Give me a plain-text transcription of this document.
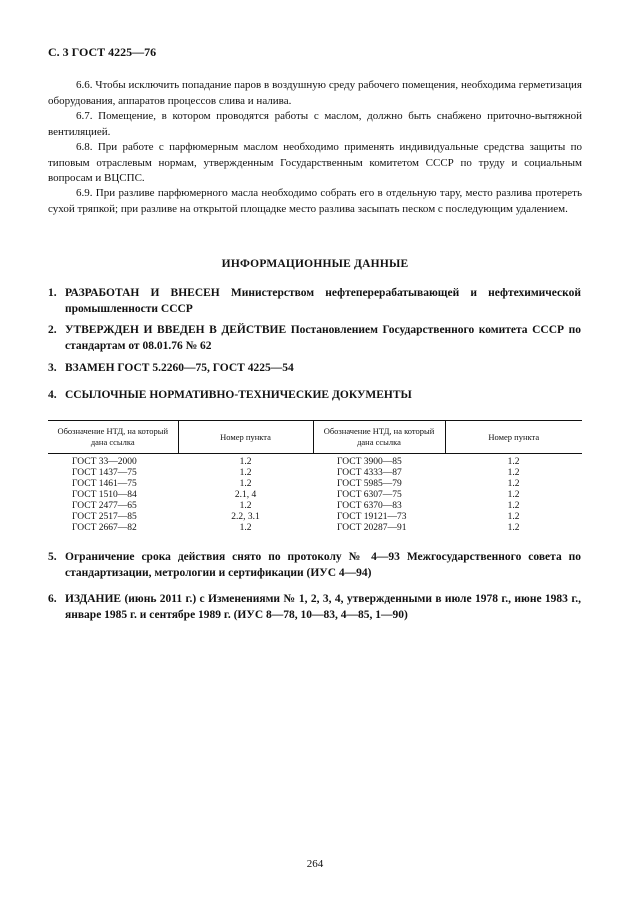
С. 3 ГОСТ 4225—76

6.6. Чтобы исключить попадание паров в воздушную среду рабочего помещения, необходима герметизация оборудования, аппаратов процессов слива и налива.

6.7. Помещение, в котором проводятся работы с маслом, должно быть снабжено приточно-вытяжной вентиляцией.

6.8. При работе с парфюмерным маслом необходимо применять индивидуальные средства защиты по типовым отраслевым нормам, утвержденным Государственным комитетом СССР по труду и социальным вопросам и ВЦСПС.

6.9. При разливе парфюмерного масла необходимо собрать его в отдельную тару, место разлива протереть сухой тряпкой; при разливе на открытой площадке место разлива засыпать песком с последующим удалением.

ИНФОРМАЦИОННЫЕ ДАННЫЕ

1. РАЗРАБОТАН И ВНЕСЕН Министерством нефтеперерабатывающей и нефтехимической промышленности СССР

2. УТВЕРЖДЕН И ВВЕДЕН В ДЕЙСТВИЕ Постановлением Государственного комитета СССР по стандартам от 08.01.76 № 62

3. ВЗАМЕН ГОСТ 5.2260—75, ГОСТ 4225—54

4. ССЫЛОЧНЫЕ НОРМАТИВНО-ТЕХНИЧЕСКИЕ ДОКУМЕНТЫ

Обозначение НТД, на который дана ссылка	Номер пункта	Обозначение НТД, на который дана ссылка	Номер пункта
ГОСТ 33—2000	1.2	ГОСТ 3900—85	1.2
ГОСТ 1437—75	1.2	ГОСТ 4333—87	1.2
ГОСТ 1461—75	1.2	ГОСТ 5985—79	1.2
ГОСТ 1510—84	2.1, 4	ГОСТ 6307—75	1.2
ГОСТ 2477—65	1.2	ГОСТ 6370—83	1.2
ГОСТ 2517—85	2.2, 3.1	ГОСТ 19121—73	1.2
ГОСТ 2667—82	1.2	ГОСТ 20287—91	1.2

5. Ограничение срока действия снято по протоколу № 4—93 Межгосударственного совета по стандартизации, метрологии и сертификации (ИУС 4—94)

6. ИЗДАНИЕ (июнь 2011 г.) с Изменениями № 1, 2, 3, 4, утвержденными в июле 1978 г., июне 1983 г., январе 1985 г. и сентябре 1989 г. (ИУС 8—78, 10—83, 4—85, 1—90)

264
